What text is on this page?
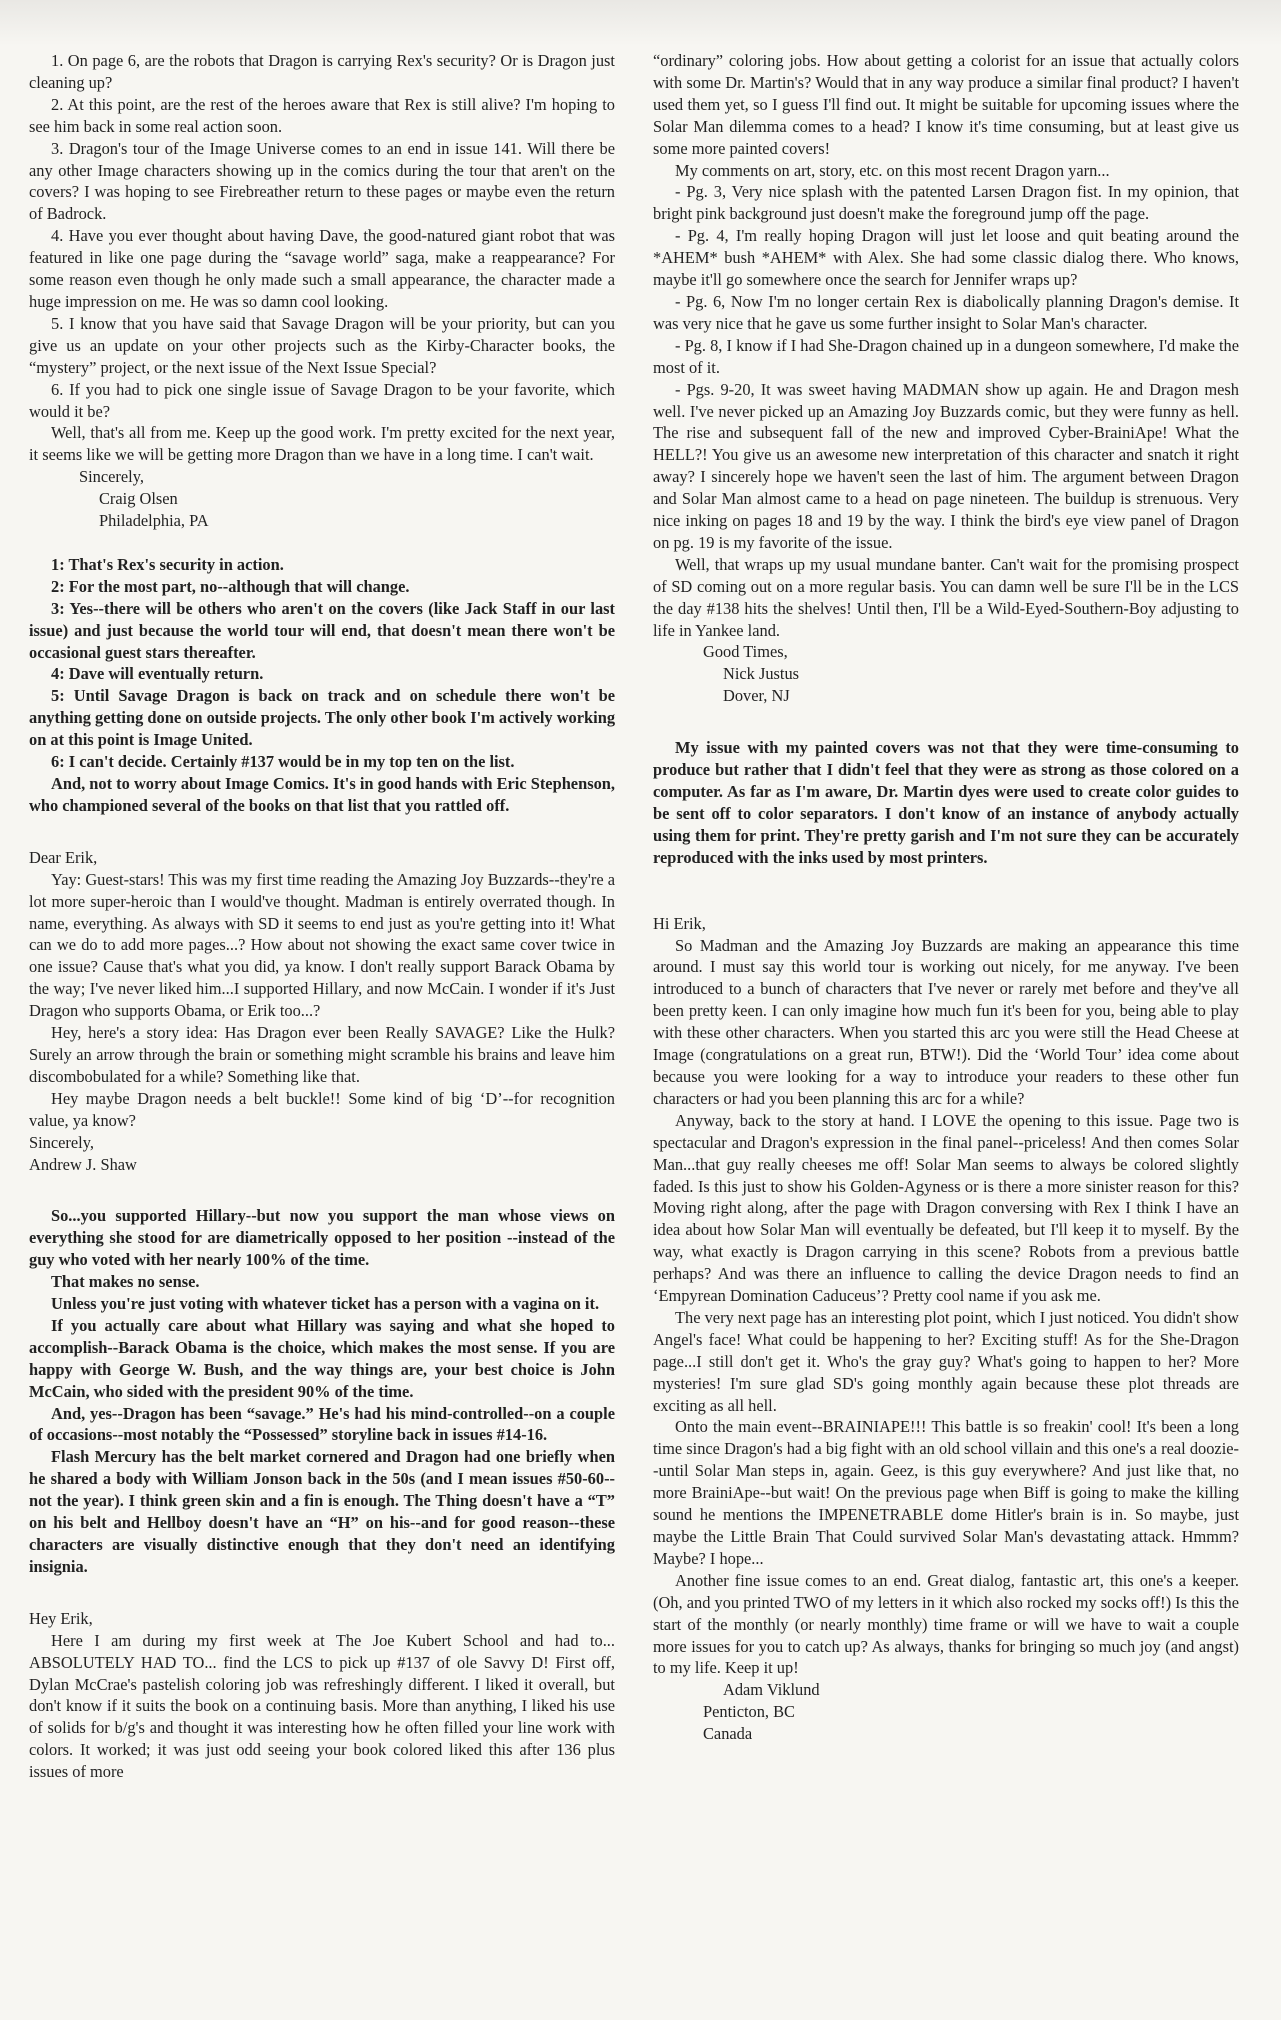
1. On page 6, are the robots that Dragon is carrying Rex's security? Or is Dragon just cleaning up?

2. At this point, are the rest of the heroes aware that Rex is still alive? I'm hoping to see him back in some real action soon.

3. Dragon's tour of the Image Universe comes to an end in issue 141. Will there be any other Image characters showing up in the comics during the tour that aren't on the covers? I was hoping to see Firebreather return to these pages or maybe even the return of Badrock.

4. Have you ever thought about having Dave, the good-natured giant robot that was featured in like one page during the “savage world” saga, make a reappearance? For some reason even though he only made such a small appearance, the character made a huge impression on me. He was so damn cool looking.

5. I know that you have said that Savage Dragon will be your priority, but can you give us an update on your other projects such as the Kirby-Character books, the “mystery” project, or the next issue of the Next Issue Special?

6. If you had to pick one single issue of Savage Dragon to be your favorite, which would it be?

Well, that's all from me. Keep up the good work. I'm pretty excited for the next year, it seems like we will be getting more Dragon than we have in a long time. I can't wait.

Sincerely,

Craig Olsen

Philadelphia, PA

1: That's Rex's security in action.

2: For the most part, no--although that will change.

3: Yes--there will be others who aren't on the covers (like Jack Staff in our last issue) and just because the world tour will end, that doesn't mean there won't be occasional guest stars thereafter.

4: Dave will eventually return.

5: Until Savage Dragon is back on track and on schedule there won't be anything getting done on outside projects. The only other book I'm actively working on at this point is Image United.

6: I can't decide. Certainly #137 would be in my top ten on the list.

And, not to worry about Image Comics. It's in good hands with Eric Stephenson, who championed several of the books on that list that you rattled off.

Dear Erik,

Yay: Guest-stars! This was my first time reading the Amazing Joy Buzzards--they're a lot more super-heroic than I would've thought. Madman is entirely overrated though. In name, everything. As always with SD it seems to end just as you're getting into it! What can we do to add more pages...? How about not showing the exact same cover twice in one issue? Cause that's what you did, ya know. I don't really support Barack Obama by the way; I've never liked him...I supported Hillary, and now McCain. I wonder if it's Just Dragon who supports Obama, or Erik too...?

Hey, here's a story idea: Has Dragon ever been Really SAVAGE? Like the Hulk? Surely an arrow through the brain or something might scramble his brains and leave him discombobulated for a while? Something like that.

Hey maybe Dragon needs a belt buckle!! Some kind of big ‘D’--for recognition value, ya know?

Sincerely,

Andrew J. Shaw

So...you supported Hillary--but now you support the man whose views on everything she stood for are diametrically opposed to her position --instead of the guy who voted with her nearly 100% of the time.

That makes no sense.

Unless you're just voting with whatever ticket has a person with a vagina on it.

If you actually care about what Hillary was saying and what she hoped to accomplish--Barack Obama is the choice, which makes the most sense. If you are happy with George W. Bush, and the way things are, your best choice is John McCain, who sided with the president 90% of the time.

And, yes--Dragon has been “savage.” He's had his mind-controlled--on a couple of occasions--most notably the “Possessed” storyline back in issues #14-16.

Flash Mercury has the belt market cornered and Dragon had one briefly when he shared a body with William Jonson back in the 50s (and I mean issues #50-60--not the year). I think green skin and a fin is enough. The Thing doesn't have a “T” on his belt and Hellboy doesn't have an “H” on his--and for good reason--these characters are visually distinctive enough that they don't need an identifying insignia.

Hey Erik,

Here I am during my first week at The Joe Kubert School and had to... ABSOLUTELY HAD TO... find the LCS to pick up #137 of ole Savvy D! First off, Dylan McCrae's pastelish coloring job was refreshingly different. I liked it overall, but don't know if it suits the book on a continuing basis. More than anything, I liked his use of solids for b/g's and thought it was interesting how he often filled your line work with colors. It worked; it was just odd seeing your book colored liked this after 136 plus issues of more

“ordinary” coloring jobs. How about getting a colorist for an issue that actually colors with some Dr. Martin's? Would that in any way produce a similar final product? I haven't used them yet, so I guess I'll find out. It might be suitable for upcoming issues where the Solar Man dilemma comes to a head? I know it's time consuming, but at least give us some more painted covers!

My comments on art, story, etc. on this most recent Dragon yarn...

- Pg. 3, Very nice splash with the patented Larsen Dragon fist. In my opinion, that bright pink background just doesn't make the foreground jump off the page.

- Pg. 4, I'm really hoping Dragon will just let loose and quit beating around the *AHEM* bush *AHEM* with Alex. She had some classic dialog there. Who knows, maybe it'll go somewhere once the search for Jennifer wraps up?

- Pg. 6, Now I'm no longer certain Rex is diabolically planning Dragon's demise. It was very nice that he gave us some further insight to Solar Man's character.

- Pg. 8, I know if I had She-Dragon chained up in a dungeon somewhere, I'd make the most of it.

- Pgs. 9-20, It was sweet having MADMAN show up again. He and Dragon mesh well. I've never picked up an Amazing Joy Buzzards comic, but they were funny as hell. The rise and subsequent fall of the new and improved Cyber-BrainiApe! What the HELL?! You give us an awesome new interpretation of this character and snatch it right away? I sincerely hope we haven't seen the last of him. The argument between Dragon and Solar Man almost came to a head on page nineteen. The buildup is strenuous. Very nice inking on pages 18 and 19 by the way. I think the bird's eye view panel of Dragon on pg. 19 is my favorite of the issue.

Well, that wraps up my usual mundane banter. Can't wait for the promising prospect of SD coming out on a more regular basis. You can damn well be sure I'll be in the LCS the day #138 hits the shelves! Until then, I'll be a Wild-Eyed-Southern-Boy adjusting to life in Yankee land.

Good Times,

Nick Justus

Dover, NJ

My issue with my painted covers was not that they were time-consuming to produce but rather that I didn't feel that they were as strong as those colored on a computer. As far as I'm aware, Dr. Martin dyes were used to create color guides to be sent off to color separators. I don't know of an instance of anybody actually using them for print. They're pretty garish and I'm not sure they can be accurately reproduced with the inks used by most printers.

Hi Erik,

So Madman and the Amazing Joy Buzzards are making an appearance this time around. I must say this world tour is working out nicely, for me anyway. I've been introduced to a bunch of characters that I've never or rarely met before and they've all been pretty keen. I can only imagine how much fun it's been for you, being able to play with these other characters. When you started this arc you were still the Head Cheese at Image (congratulations on a great run, BTW!). Did the ‘World Tour’ idea come about because you were looking for a way to introduce your readers to these other fun characters or had you been planning this arc for a while?

Anyway, back to the story at hand. I LOVE the opening to this issue. Page two is spectacular and Dragon's expression in the final panel--priceless! And then comes Solar Man...that guy really cheeses me off! Solar Man seems to always be colored slightly faded. Is this just to show his Golden-Agyness or is there a more sinister reason for this? Moving right along, after the page with Dragon conversing with Rex I think I have an idea about how Solar Man will eventually be defeated, but I'll keep it to myself. By the way, what exactly is Dragon carrying in this scene? Robots from a previous battle perhaps? And was there an influence to calling the device Dragon needs to find an ‘Empyrean Domination Caduceus’? Pretty cool name if you ask me.

The very next page has an interesting plot point, which I just noticed. You didn't show Angel's face! What could be happening to her? Exciting stuff! As for the She-Dragon page...I still don't get it. Who's the gray guy? What's going to happen to her? More mysteries! I'm sure glad SD's going monthly again because these plot threads are exciting as all hell.

Onto the main event--BRAINIAPE!!! This battle is so freakin' cool! It's been a long time since Dragon's had a big fight with an old school villain and this one's a real doozie--until Solar Man steps in, again. Geez, is this guy everywhere? And just like that, no more BrainiApe--but wait! On the previous page when Biff is going to make the killing sound he mentions the IMPENETRABLE dome Hitler's brain is in. So maybe, just maybe the Little Brain That Could survived Solar Man's devastating attack. Hmmm? Maybe? I hope...

Another fine issue comes to an end. Great dialog, fantastic art, this one's a keeper. (Oh, and you printed TWO of my letters in it which also rocked my socks off!) Is this the start of the monthly (or nearly monthly) time frame or will we have to wait a couple more issues for you to catch up? As always, thanks for bringing so much joy (and angst) to my life. Keep it up!

Adam Viklund

Penticton, BC

Canada
